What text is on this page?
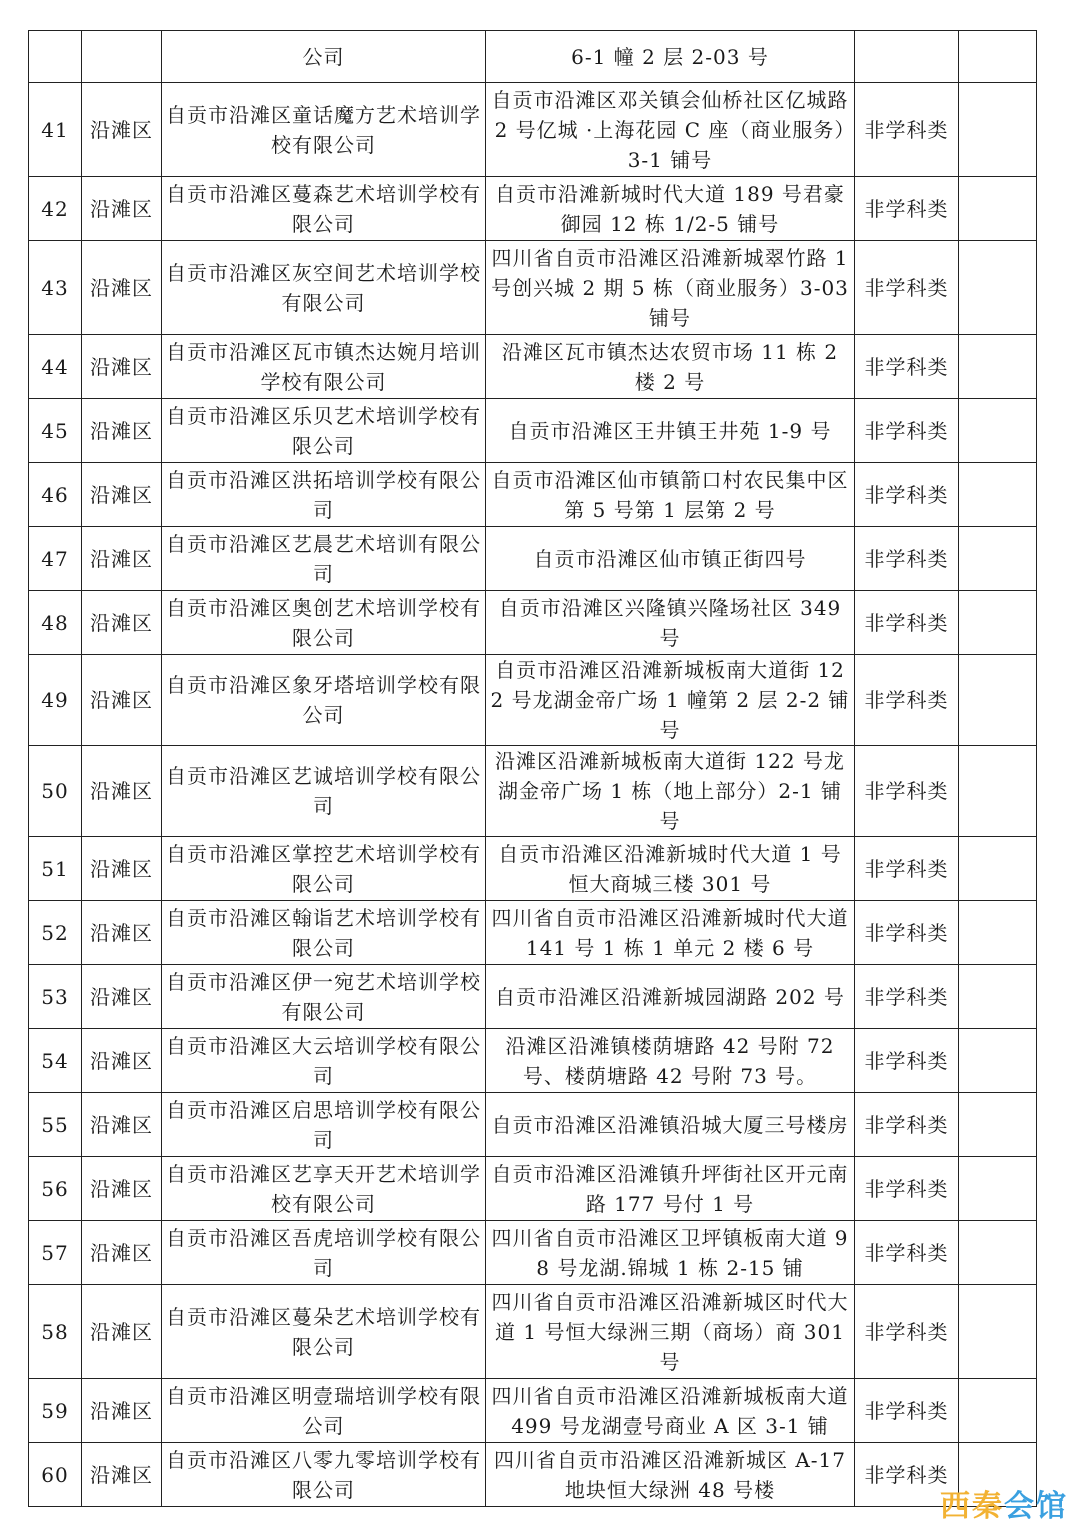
		公司	6-1 幢 2 层 2-03 号		
41	沿滩区	自贡市沿滩区童话魔方艺术培训学校有限公司	自贡市沿滩区邓关镇会仙桥社区亿城路 2 号亿城 ·上海花园 C 座（商业服务）3-1 铺号	非学科类	
42	沿滩区	自贡市沿滩区蔓森艺术培训学校有限公司	自贡市沿滩新城时代大道 189 号君豪御园 12 栋 1/2-5 铺号	非学科类	
43	沿滩区	自贡市沿滩区灰空间艺术培训学校有限公司	四川省自贡市沿滩区沿滩新城翠竹路 1 号创兴城 2 期 5 栋（商业服务）3-03 铺号	非学科类	
44	沿滩区	自贡市沿滩区瓦市镇杰达婉月培训学校有限公司	沿滩区瓦市镇杰达农贸市场 11 栋 2 楼 2 号	非学科类	
45	沿滩区	自贡市沿滩区乐贝艺术培训学校有限公司	自贡市沿滩区王井镇王井苑 1-9 号	非学科类	
46	沿滩区	自贡市沿滩区洪拓培训学校有限公司	自贡市沿滩区仙市镇箭口村农民集中区第 5 号第 1 层第 2 号	非学科类	
47	沿滩区	自贡市沿滩区艺晨艺术培训有限公司	自贡市沿滩区仙市镇正街四号	非学科类	
48	沿滩区	自贡市沿滩区奥创艺术培训学校有限公司	自贡市沿滩区兴隆镇兴隆场社区 349 号	非学科类	
49	沿滩区	自贡市沿滩区象牙塔培训学校有限公司	自贡市沿滩区沿滩新城板南大道街 122 号龙湖金帝广场 1 幢第 2 层 2-2 铺号	非学科类	
50	沿滩区	自贡市沿滩区艺诚培训学校有限公司	沿滩区沿滩新城板南大道街 122 号龙湖金帝广场 1 栋（地上部分）2-1 铺号	非学科类	
51	沿滩区	自贡市沿滩区掌控艺术培训学校有限公司	自贡市沿滩区沿滩新城时代大道 1 号恒大商城三楼 301 号	非学科类	
52	沿滩区	自贡市沿滩区翰诣艺术培训学校有限公司	四川省自贡市沿滩区沿滩新城时代大道 141 号 1 栋 1 单元 2 楼 6 号	非学科类	
53	沿滩区	自贡市沿滩区伊一宛艺术培训学校有限公司	自贡市沿滩区沿滩新城园湖路 202 号	非学科类	
54	沿滩区	自贡市沿滩区大云培训学校有限公司	沿滩区沿滩镇楼荫塘路 42 号附 72 号、楼荫塘路 42 号附 73 号。	非学科类	
55	沿滩区	自贡市沿滩区启思培训学校有限公司	自贡市沿滩区沿滩镇沿城大厦三号楼房	非学科类	
56	沿滩区	自贡市沿滩区艺享天开艺术培训学校有限公司	自贡市沿滩区沿滩镇升坪街社区开元南路 177 号付 1 号	非学科类	
57	沿滩区	自贡市沿滩区吾虎培训学校有限公司	四川省自贡市沿滩区卫坪镇板南大道 98 号龙湖.锦城 1 栋 2-15 铺	非学科类	
58	沿滩区	自贡市沿滩区蔓朵艺术培训学校有限公司	四川省自贡市沿滩区沿滩新城区时代大道 1 号恒大绿洲三期（商场）商 301 号	非学科类	
59	沿滩区	自贡市沿滩区明壹瑞培训学校有限公司	四川省自贡市沿滩区沿滩新城板南大道 499 号龙湖壹号商业 A 区 3-1 铺	非学科类	
60	沿滩区	自贡市沿滩区八零九零培训学校有限公司	四川省自贡市沿滩区沿滩新城区 A-17 地块恒大绿洲 48 号楼	非学科类	
西秦会馆
